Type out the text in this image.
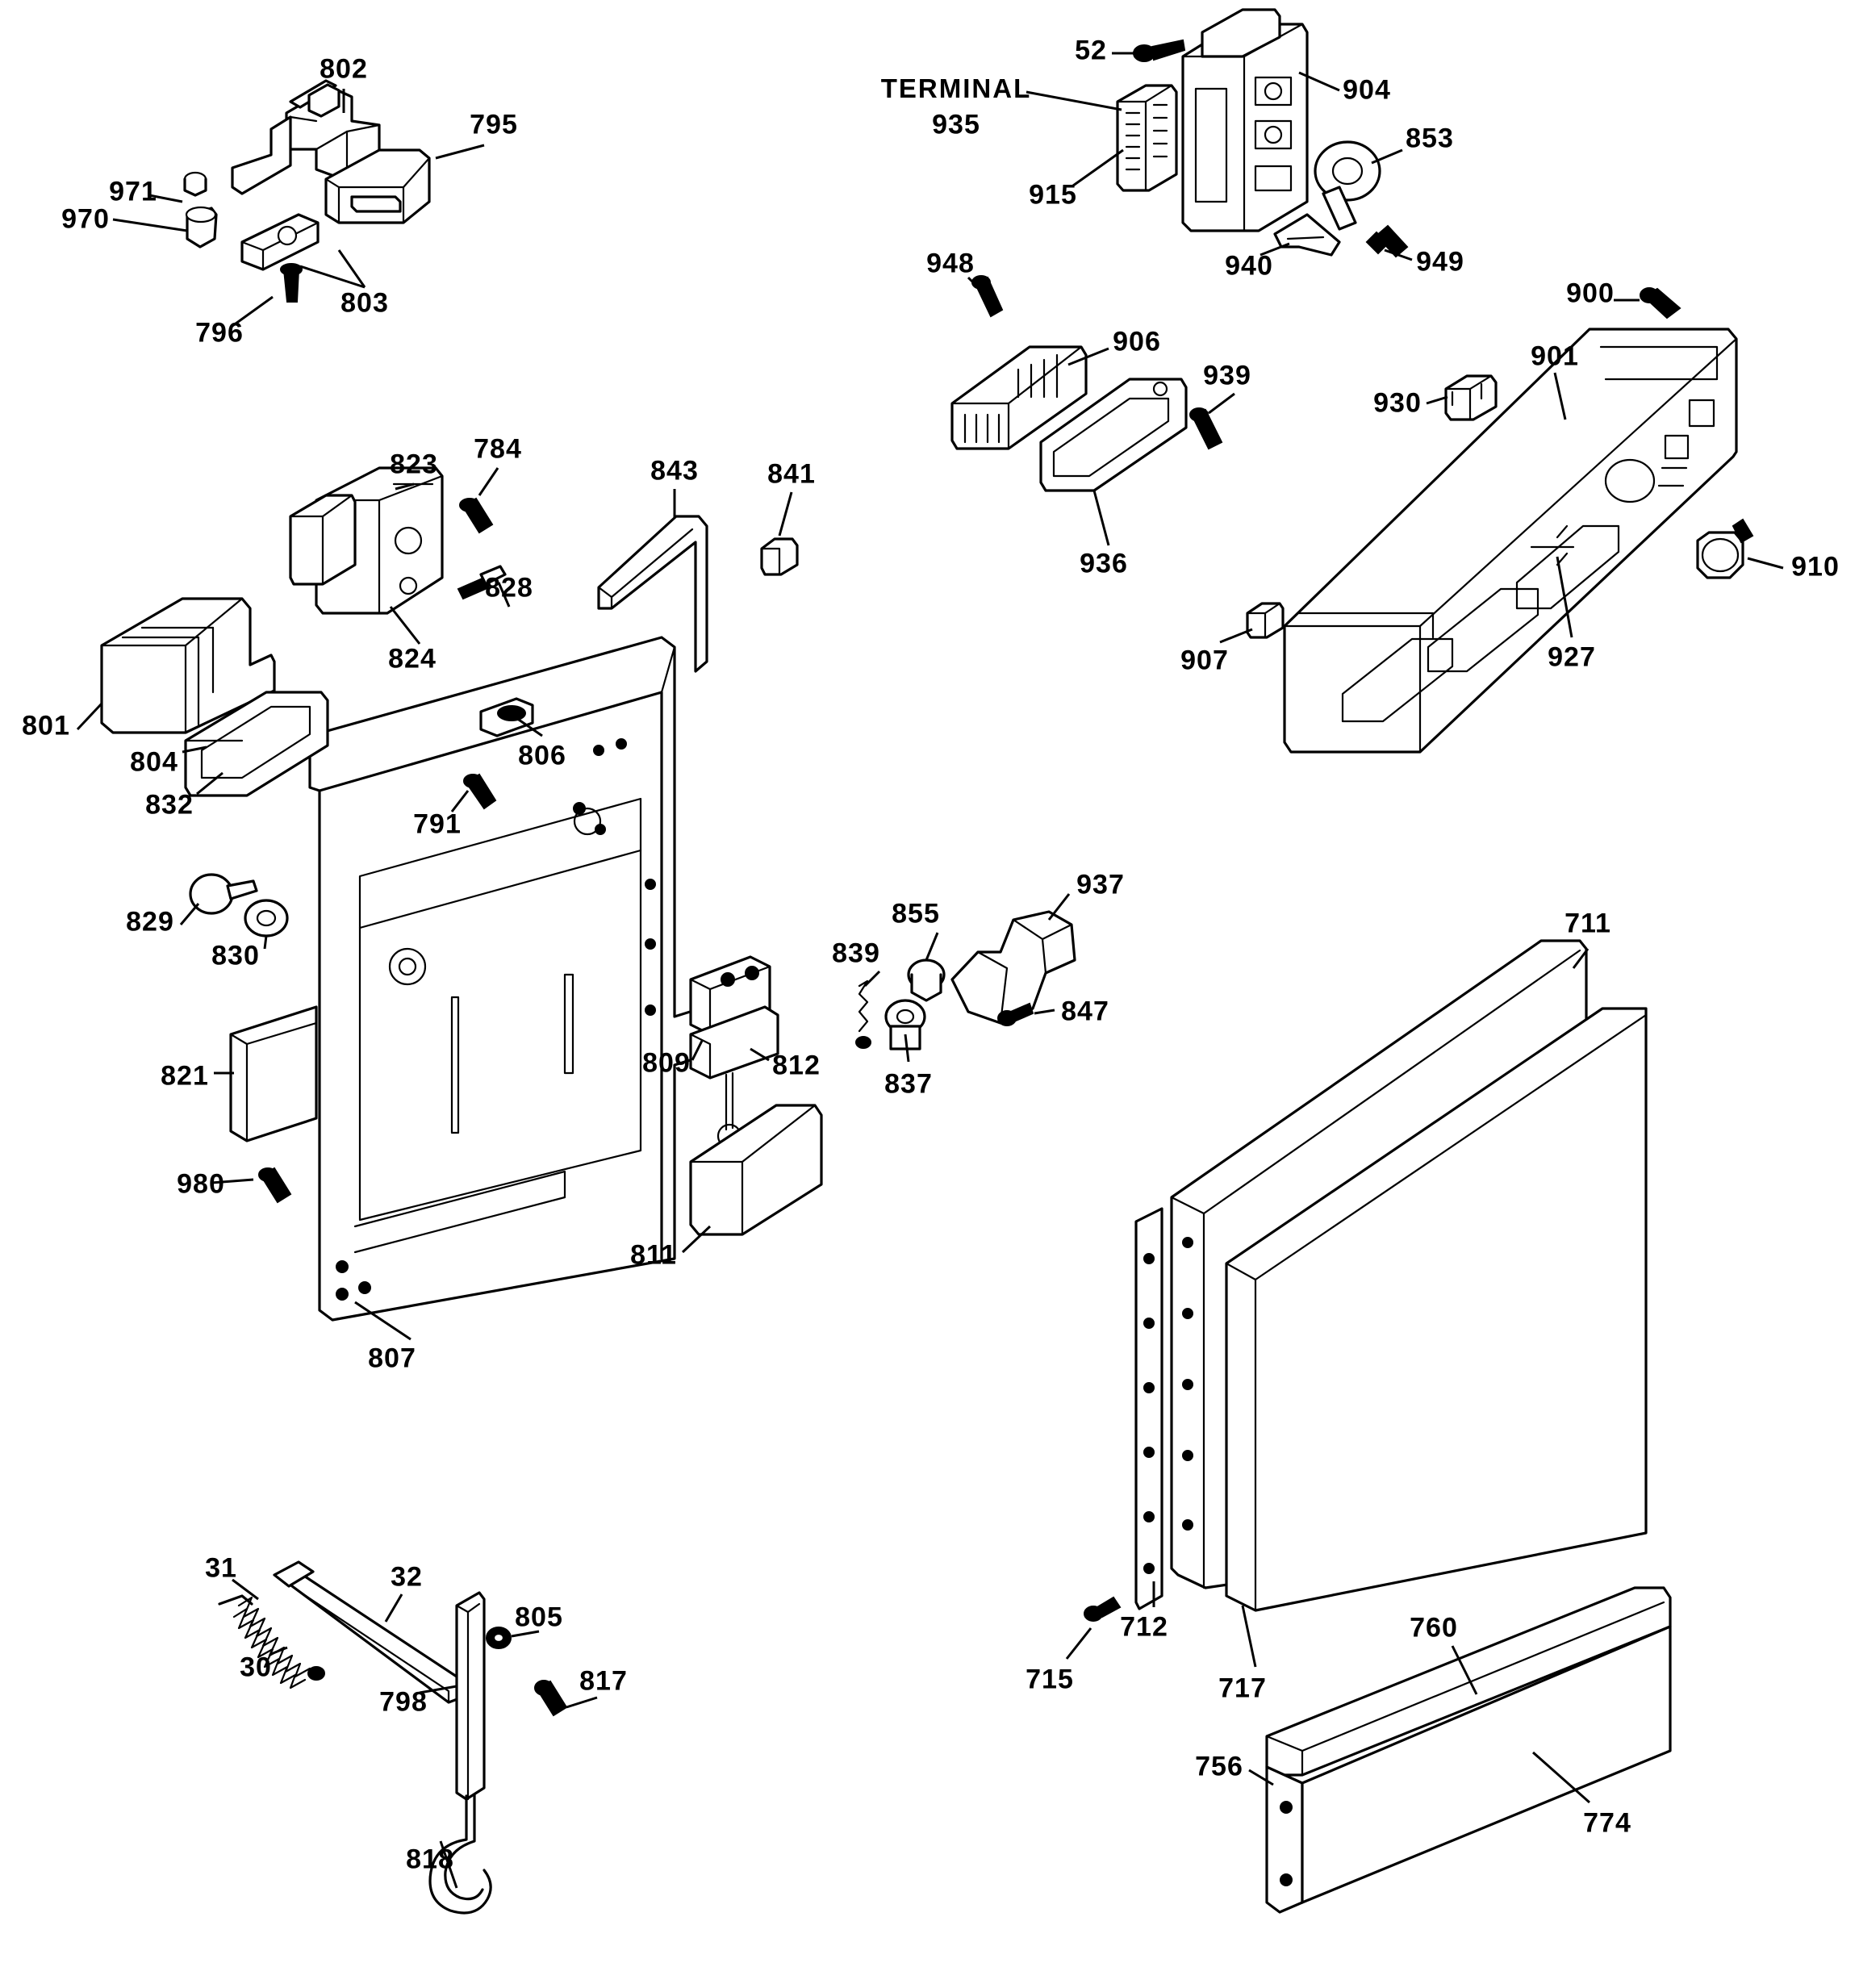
802
795
971
970
796
803
52
904
TERMINAL
935	853
915
940	949
948
900
906
939
901
930
823 784
843	841
936
828
824
910
801
804
832
806
791
907	927
829
830
855
937
839
847
821	809	812
837
711
980
811
807
31	32
805
30
798
817
712
715	717
760
756
774
818
